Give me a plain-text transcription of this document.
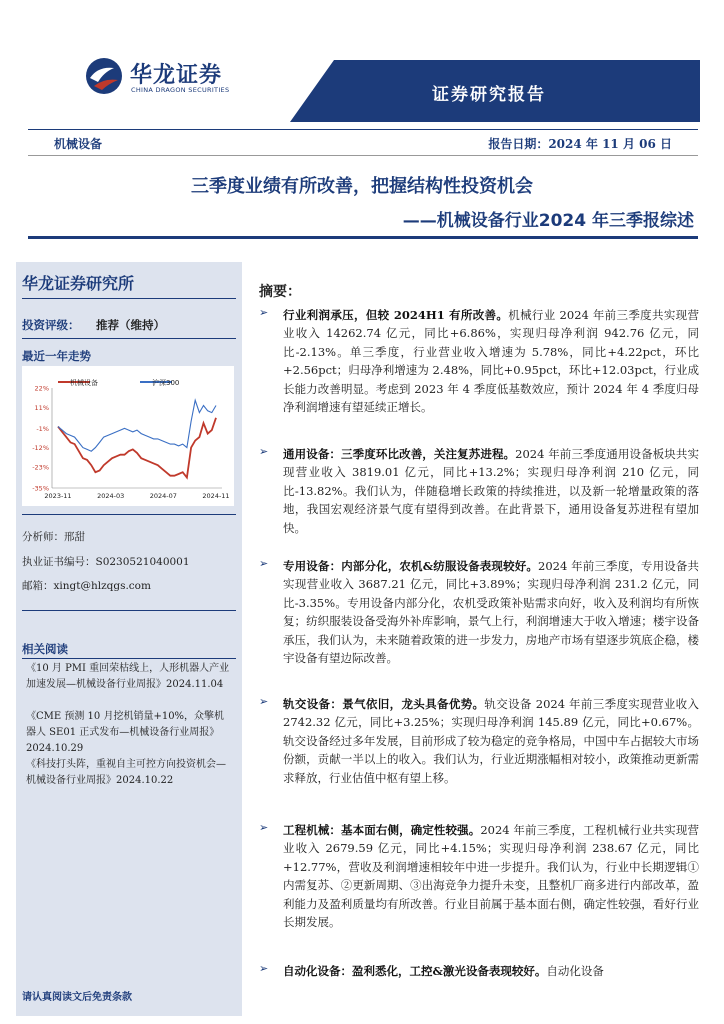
华龙证券
CHINA DRAGON SECURITIES	证券研究报告
机械设备	报告日期：2024 年 11 月 06 日
三季度业绩有所改善，把握结构性投资机会
——机械设备行业2024 年三季报综述
华龙证券研究所
投资评级： 推荐（维持）
最近一年走势
机械设备	沪深300
22%
11%
-1%
-12%
-23%
-35%
2023-11	2024-03	2024-07	2024-11
分析师：邢甜
执业证书编号：S0230521040001
邮箱：xingt@hlzqgs.com
相关阅读
《10 月 PMI 重回荣枯线上，人形机器人产业加速发展—机械设备行业周报》2024.11.04
《CME 预测 10 月挖机销量+10%，众擎机器人 SE01 正式发布—机械设备行业周报》2024.10.29
《科技打头阵，重视自主可控方向投资机会—机械设备行业周报》2024.10.22
请认真阅读文后免责条款
摘要：
➢ 行业利润承压，但较 2024H1 有所改善。机械行业 2024 年前三季度共实现营业收入 14262.74 亿元，同比+6.86%，实现归母净利润 942.76 亿元，同比-2.13%。单三季度，行业营业收入增速为 5.78%，同比+4.22pct，环比+2.56pct；归母净利增速为 2.48%，同比+0.95pct，环比+12.03pct，行业成长能力改善明显。考虑到 2023 年 4 季度低基数效应，预计 2024 年 4 季度归母净利润增速有望延续正增长。
➢ 通用设备：三季度环比改善，关注复苏进程。2024 年前三季度通用设备板块共实现营业收入 3819.01 亿元，同比+13.2%；实现归母净利润 210 亿元，同比-13.82%。我们认为，伴随稳增长政策的持续推进，以及新一轮增量政策的落地，我国宏观经济景气度有望得到改善。在此背景下，通用设备复苏进程有望加快。
➢ 专用设备：内部分化，农机&纺服设备表现较好。2024 年前三季度，专用设备共实现营业收入 3687.21 亿元，同比+3.89%；实现归母净利润 231.2 亿元，同比-3.35%。专用设备内部分化，农机受政策补贴需求向好，收入及利润均有所恢复；纺织服装设备受海外补库影响，景气上行，利润增速大于收入增速；楼宇设备承压，我们认为，未来随着政策的进一步发力，房地产市场有望逐步筑底企稳，楼宇设备有望边际改善。
➢ 轨交设备：景气依旧，龙头具备优势。轨交设备 2024 年前三季度实现营业收入 2742.32 亿元，同比+3.25%；实现归母净利润 145.89 亿元，同比+0.67%。轨交设备经过多年发展，目前形成了较为稳定的竞争格局，中国中车占据较大市场份额，贡献一半以上的收入。我们认为，行业近期涨幅相对较小，政策推动更新需求释放，行业估值中枢有望上移。
➢ 工程机械：基本面右侧，确定性较强。2024 年前三季度，工程机械行业共实现营业收入 2679.59 亿元，同比+4.15%；实现归母净利润 238.67 亿元，同比+12.77%，营收及利润增速相较年中进一步提升。我们认为，行业中长期逻辑①内需复苏、②更新周期、③出海竞争力提升未变，且整机厂商多进行内部改革，盈利能力及盈利质量均有所改善。行业目前属于基本面右侧，确定性较强，看好行业长期发展。
➢ 自动化设备：盈利悉化，工控&激光设备表现较好。自动化设备
